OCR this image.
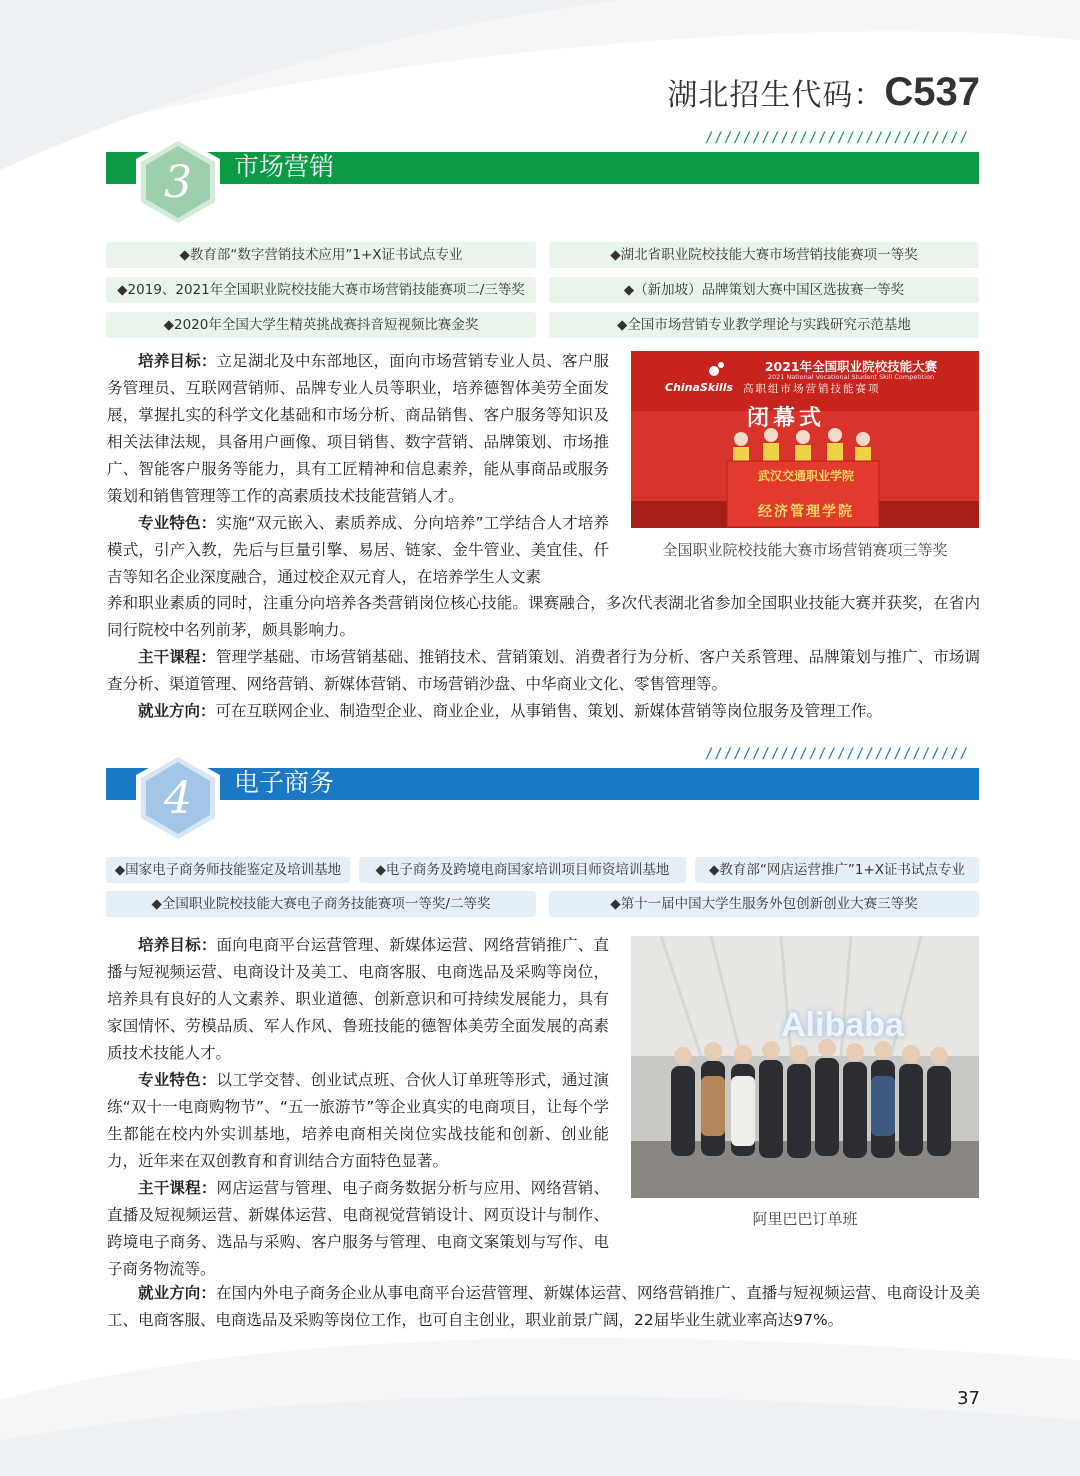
湖北招生代码： C537
3	市场营销
////////////////////////////
◆教育部“数字营销技术应用”1+X证书试点专业	◆湖北省职业院校技能大赛市场营销技能赛项一等奖
◆2019、2021年全国职业院校技能大赛市场营销技能赛项二/三等奖	◆（新加坡）品牌策划大赛中国区选拔赛一等奖
◆2020年全国大学生精英挑战赛抖音短视频比赛金奖	◆全国市场营销专业教学理论与实践研究示范基地

培养目标：立足湖北及中东部地区，面向市场营销专业人员、客户服务管理员、互联网营销师、品牌专业人员等职业，培养德智体美劳全面发展，掌握扎实的科学文化基础和市场分析、商品销售、客户服务等知识及相关法律法规，具备用户画像、项目销售、数字营销、品牌策划、市场推广、智能客户服务等能力，具有工匠精神和信息素养，能从事商品或服务策划和销售管理等工作的高素质技术技能营销人才。

专业特色：实施“双元嵌入、素质养成、分向培养”工学结合人才培养模式，引产入教，先后与巨量引擎、易居、链家、金牛管业、美宜佳、仟吉等知名企业深度融合，通过校企双元育人，在培养学生人文素

2021年全国职业院校技能大赛
2021 National Vocational Student Skill Competition
ChinaSkills 高职组市场营销技能赛项
闭幕式
武汉交通职业学院
经济管理学院
全国职业院校技能大赛市场营销赛项三等奖
养和职业素质的同时，注重分向培养各类营销岗位核心技能。课赛融合，多次代表湖北省参加全国职业技能大赛并获奖，在省内同行院校中名列前茅，颇具影响力。

主干课程：管理学基础、市场营销基础、推销技术、营销策划、消费者行为分析、客户关系管理、品牌策划与推广、市场调查分析、渠道管理、网络营销、新媒体营销、市场营销沙盘、中华商业文化、零售管理等。

就业方向：可在互联网企业、制造型企业、商业企业，从事销售、策划、新媒体营销等岗位服务及管理工作。

4	电子商务
////////////////////////////
◆国家电子商务师技能鉴定及培训基地	◆电子商务及跨境电商国家培训项目师资培训基地	◆教育部“网店运营推广”1+X证书试点专业
◆全国职业院校技能大赛电子商务技能赛项一等奖/二等奖	◆第十一届中国大学生服务外包创新创业大赛三等奖

培养目标：面向电商平台运营管理、新媒体运营、网络营销推广、直播与短视频运营、电商设计及美工、电商客服、电商选品及采购等岗位，培养具有良好的人文素养、职业道德、创新意识和可持续发展能力，具有家国情怀、劳模品质、军人作风、鲁班技能的德智体美劳全面发展的高素质技术技能人才。

专业特色：以工学交替、创业试点班、合伙人订单班等形式，通过演练“双十一电商购物节”、“五一旅游节”等企业真实的电商项目，让每个学生都能在校内外实训基地，培养电商相关岗位实战技能和创新、创业能力，近年来在双创教育和育训结合方面特色显著。

主干课程：网店运营与管理、电子商务数据分析与应用、网络营销、直播及短视频运营、新媒体运营、电商视觉营销设计、网页设计与制作、跨境电子商务、选品与采购、客户服务与管理、电商文案策划与写作、电子商务物流等。

Alibaba
阿里巴巴订单班

就业方向：在国内外电子商务企业从事电商平台运营管理、新媒体运营、网络营销推广、直播与短视频运营、电商设计及美工、电商客服、电商选品及采购等岗位工作，也可自主创业，职业前景广阔，22届毕业生就业率高达97%。

37
